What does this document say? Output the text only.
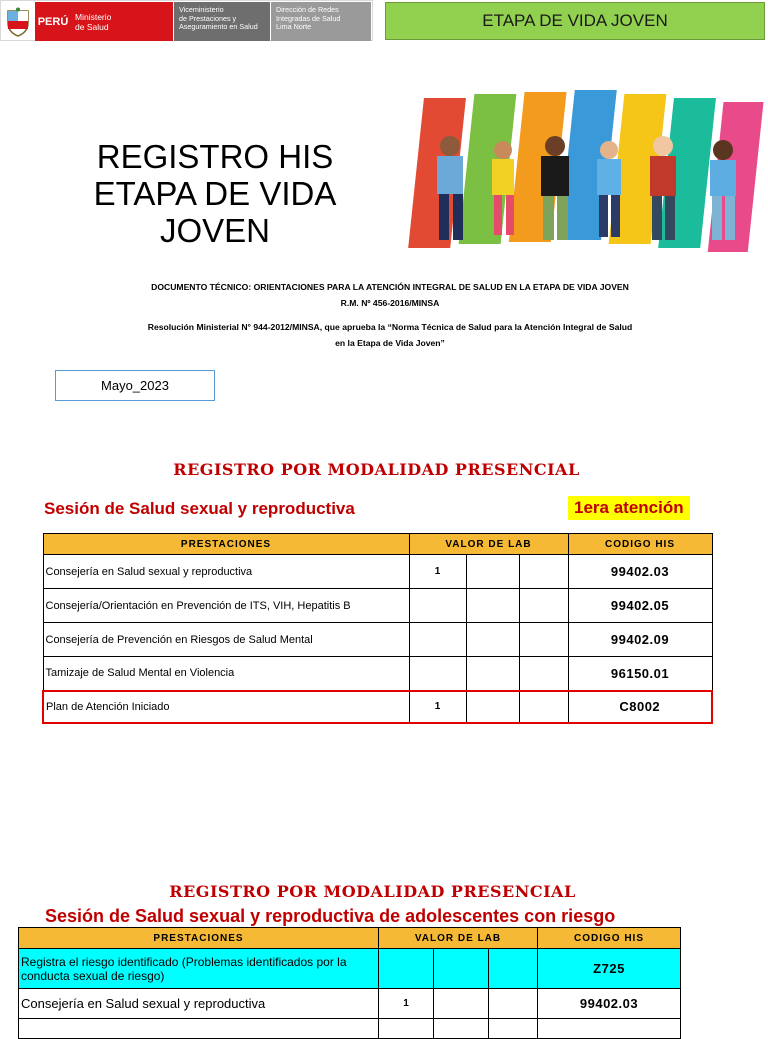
PERÚ Ministerio
de Salud
Viceministerio
de Prestaciones y
Aseguramiento en Salud
Dirección de Redes
Integradas de Salud
Lima Norte	ETAPA DE VIDA JOVEN
REGISTRO HIS
ETAPA DE VIDA
JOVEN
DOCUMENTO TÉCNICO: ORIENTACIONES PARA LA ATENCIÓN INTEGRAL DE SALUD EN LA ETAPA DE VIDA JOVEN
R.M. Nº 456-2016/MINSA
Resolución Ministerial N° 944-2012/MINSA, que aprueba la “Norma Técnica de Salud para la Atención Integral de Salud
en la Etapa de Vida Joven”
Mayo_2023
REGISTRO POR MODALIDAD PRESENCIAL
Sesión de Salud sexual y reproductiva	1era atención
PRESTACIONES	VALOR DE LAB			CODIGO HIS
Consejería en Salud sexual y reproductiva	1			99402.03
Consejería/Orientación en Prevención de ITS, VIH, Hepatitis B				99402.05
Consejería de Prevención en Riesgos de Salud Mental				99402.09
Tamizaje de Salud Mental en Violencia				96150.01
Plan de Atención Iniciado	1			C8002
REGISTRO POR MODALIDAD PRESENCIAL
Sesión de Salud sexual y reproductiva de adolescentes con riesgo
PRESTACIONES	VALOR DE LAB			CODIGO HIS
Registra el riesgo identificado (Problemas identificados por la conducta sexual de riesgo)				Z725
Consejería en Salud sexual y reproductiva	1			99402.03
